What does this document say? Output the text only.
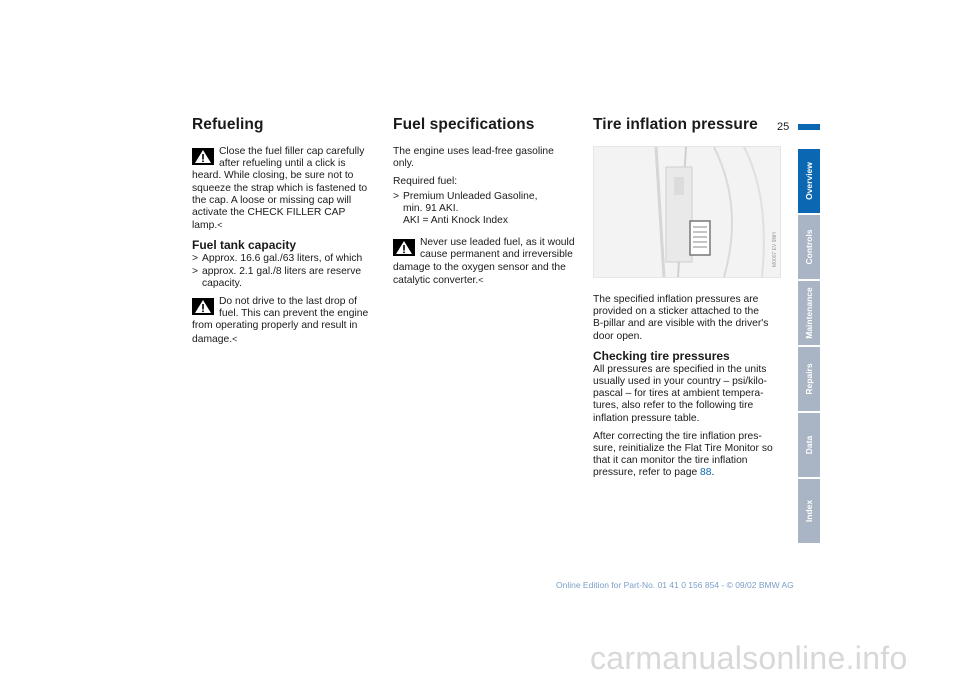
25
Refueling
Close the fuel filler cap carefully
after refueling until a click is
heard. While closing, be sure not to
squeeze the strap which is fastened to
the cap. A loose or missing cap will
activate the CHECK FILLER CAP
lamp.<
Fuel tank capacity
> Approx. 16.6 gal./63 liters, of which
> approx. 2.1 gal./8 liters are reserve capacity.
Do not drive to the last drop of
fuel. This can prevent the engine
from operating properly and result in
damage.<
Fuel specifications

The engine uses lead-free gasoline
only.

Required fuel:

> Premium Unleaded Gasoline,
min. 91 AKI.
AKI = Anti Knock Index
Never use leaded fuel, as it would
cause permanent and irreversible
damage to the oxygen sensor and the
catalytic converter.<
Tire inflation pressure
M0007 EV 9NH

The specified inflation pressures are
provided on a sticker attached to the
B-pillar and are visible with the driver's
door open.

Checking tire pressures

All pressures are specified in the units
usually used in your country – psi/kilo-
pascal – for tires at ambient tempera-
tures, also refer to the following tire
inflation pressure table.

After correcting the tire inflation pres-
sure, reinitialize the Flat Tire Monitor so
that it can monitor the tire inflation
pressure, refer to page 88.

Overview
Controls
Maintenance
Repairs
Data
Index
Online Edition for Part-No. 01 41 0 156 854 - © 09/02 BMW AG
carmanualsonline.info
